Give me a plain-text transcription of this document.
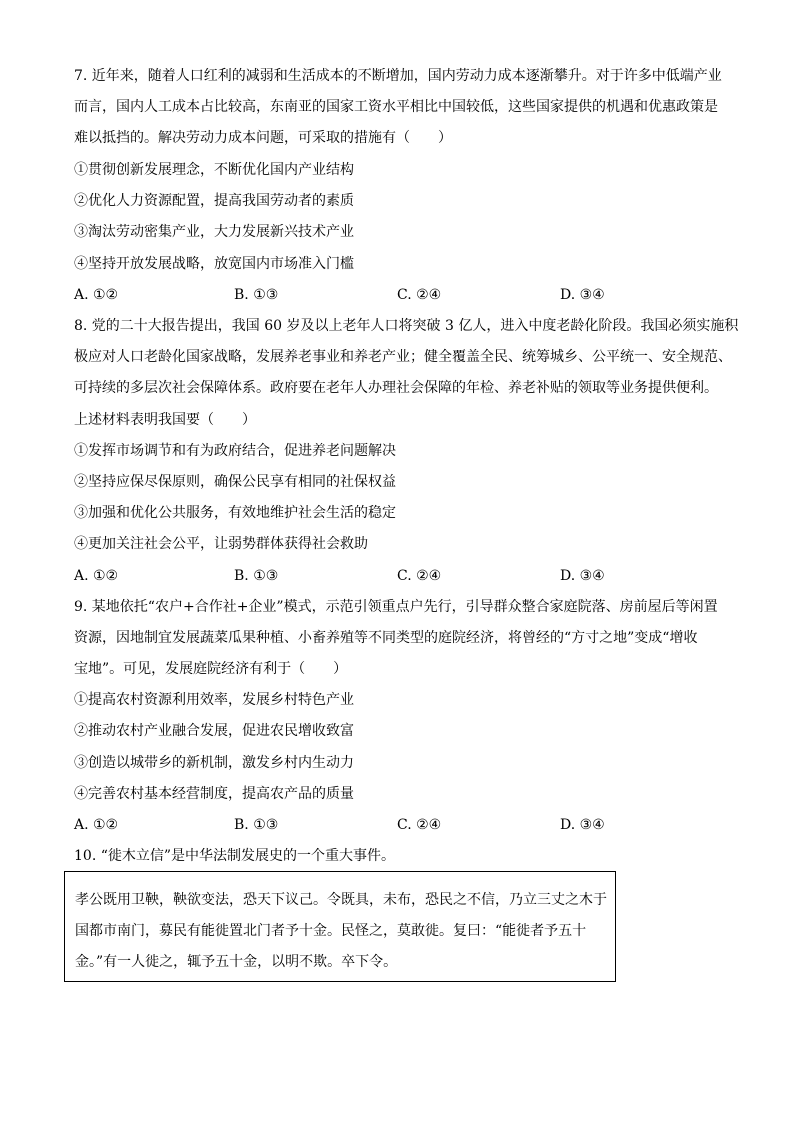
7. 近年来，随着人口红利的减弱和生活成本的不断增加，国内劳动力成本逐渐攀升。对于许多中低端产业
而言，国内人工成本占比较高，东南亚的国家工资水平相比中国较低，这些国家提供的机遇和优惠政策是
难以抵挡的。解决劳动力成本问题，可采取的措施有（　　）
①贯彻创新发展理念，不断优化国内产业结构
②优化人力资源配置，提高我国劳动者的素质
③淘汰劳动密集产业，大力发展新兴技术产业
④坚持开放发展战略，放宽国内市场准入门槛
A. ①②	B. ①③	C. ②④	D. ③④
8. 党的二十大报告提出，我国 60 岁及以上老年人口将突破 3 亿人，进入中度老龄化阶段。我国必须实施积
极应对人口老龄化国家战略，发展养老事业和养老产业；健全覆盖全民、统筹城乡、公平统一、安全规范、
可持续的多层次社会保障体系。政府要在老年人办理社会保障的年检、养老补贴的领取等业务提供便利。
上述材料表明我国要（　　）
①发挥市场调节和有为政府结合，促进养老问题解决
②坚持应保尽保原则，确保公民享有相同的社保权益
③加强和优化公共服务，有效地维护社会生活的稳定
④更加关注社会公平，让弱势群体获得社会救助
A. ①②	B. ①③	C. ②④	D. ③④
9. 某地依托“农户+合作社+企业”模式，示范引领重点户先行，引导群众整合家庭院落、房前屋后等闲置
资源，因地制宜发展蔬菜瓜果种植、小畜养殖等不同类型的庭院经济，将曾经的“方寸之地”变成“增收
宝地”。可见，发展庭院经济有利于（　　）
①提高农村资源利用效率，发展乡村特色产业
②推动农村产业融合发展，促进农民增收致富
③创造以城带乡的新机制，激发乡村内生动力
④完善农村基本经营制度，提高农产品的质量
A. ①②	B. ①③	C. ②④	D. ③④
10. “徙木立信”是中华法制发展史的一个重大事件。
孝公既用卫鞅，鞅欲变法，恐天下议己。令既具，未布，恐民之不信，乃立三丈之木于
国都市南门，募民有能徙置北门者予十金。民怪之，莫敢徙。复曰：“能徙者予五十
金。”有一人徙之，辄予五十金，以明不欺。卒下令。
